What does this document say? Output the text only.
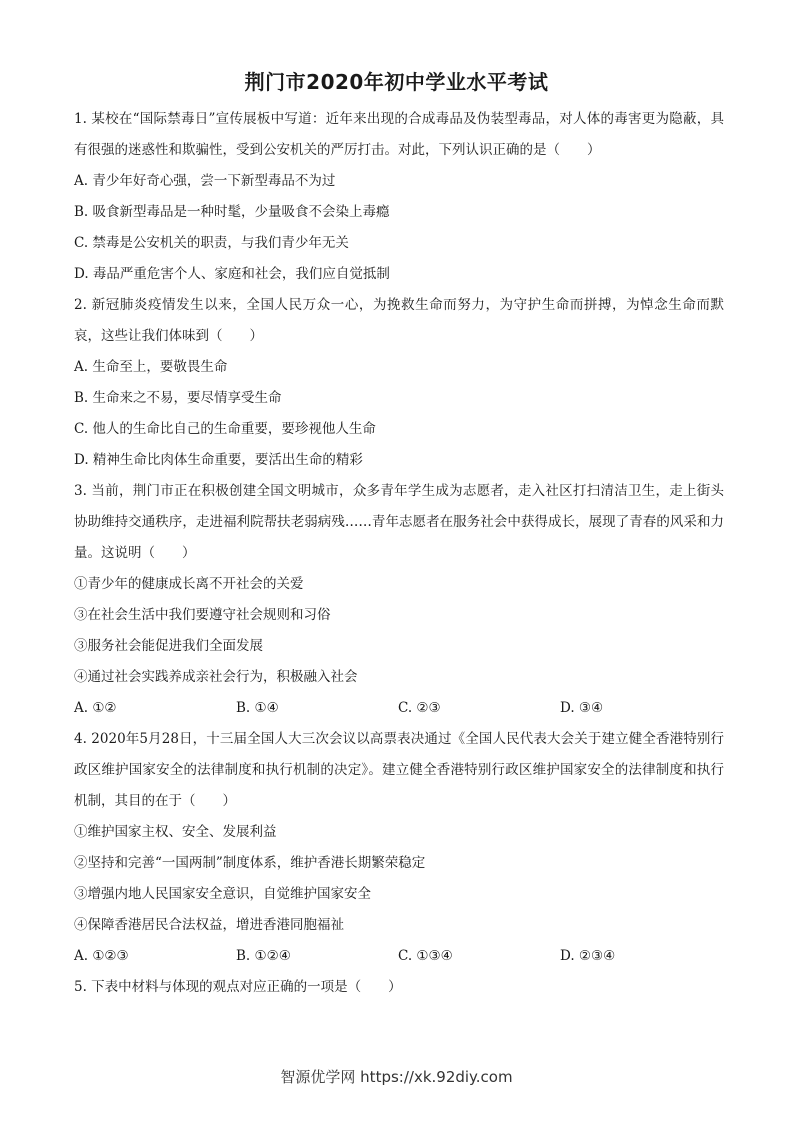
荆门市2020年初中学业水平考试
1. 某校在“国际禁毒日”宣传展板中写道：近年来出现的合成毒品及伪装型毒品，对人体的毒害更为隐蔽，具有很强的迷惑性和欺骗性，受到公安机关的严厉打击。对此，下列认识正确的是（　　）
A. 青少年好奇心强，尝一下新型毒品不为过
B. 吸食新型毒品是一种时髦，少量吸食不会染上毒瘾
C. 禁毒是公安机关的职责，与我们青少年无关
D. 毒品严重危害个人、家庭和社会，我们应自觉抵制
2. 新冠肺炎疫情发生以来，全国人民万众一心，为挽救生命而努力，为守护生命而拼搏，为悼念生命而默哀，这些让我们体味到（　　）
A. 生命至上，要敬畏生命
B. 生命来之不易，要尽情享受生命
C. 他人的生命比自己的生命重要，要珍视他人生命
D. 精神生命比肉体生命重要，要活出生命的精彩
3. 当前，荆门市正在积极创建全国文明城市，众多青年学生成为志愿者，走入社区打扫清洁卫生，走上街头协助维持交通秩序，走进福利院帮扶老弱病残……青年志愿者在服务社会中获得成长，展现了青春的风采和力量。这说明（　　）
①青少年的健康成长离不开社会的关爱
③在社会生活中我们要遵守社会规则和习俗
③服务社会能促进我们全面发展
④通过社会实践养成亲社会行为，积极融入社会
A. ①②	B. ①④	C. ②③	D. ③④
4. 2020年5月28日，十三届全国人大三次会议以高票表决通过《全国人民代表大会关于建立健全香港特别行政区维护国家安全的法律制度和执行机制的决定》。建立健全香港特别行政区维护国家安全的法律制度和执行机制，其目的在于（　　）
①维护国家主权、安全、发展利益
②坚持和完善“一国两制”制度体系，维护香港长期繁荣稳定
③增强内地人民国家安全意识，自觉维护国家安全
④保障香港居民合法权益，增进香港同胞福祉
A. ①②③	B. ①②④	C. ①③④	D. ②③④
5. 下表中材料与体现的观点对应正确的一项是（　　）
智源优学网 https://xk.92diy.com
